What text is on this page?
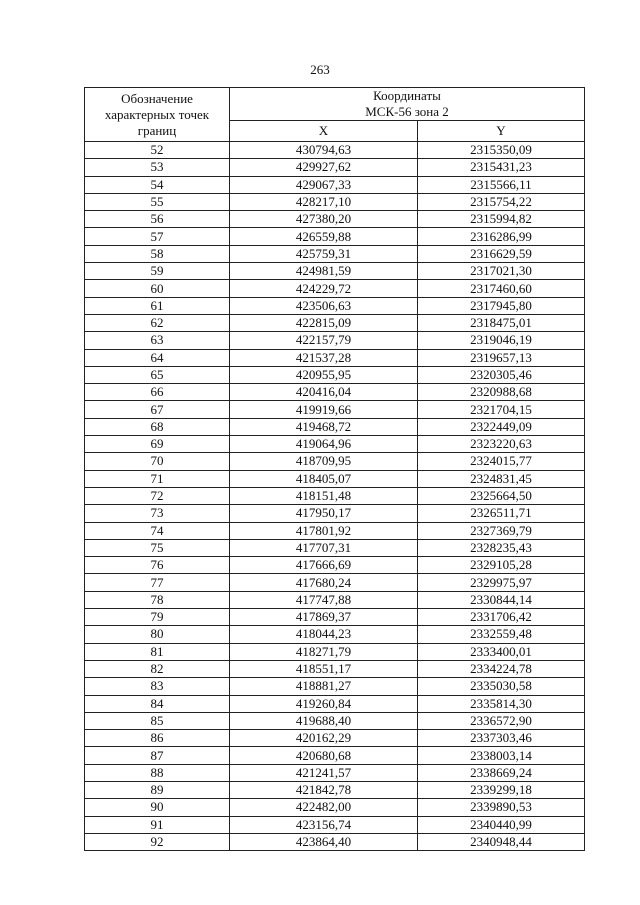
263
Обозначение характерных точек границ	Координаты
МСК-56 зона 2	

	X	Y
52	430794,63	2315350,09
53	429927,62	2315431,23
54	429067,33	2315566,11
55	428217,10	2315754,22
56	427380,20	2315994,82
57	426559,88	2316286,99
58	425759,31	2316629,59
59	424981,59	2317021,30
60	424229,72	2317460,60
61	423506,63	2317945,80
62	422815,09	2318475,01
63	422157,79	2319046,19
64	421537,28	2319657,13
65	420955,95	2320305,46
66	420416,04	2320988,68
67	419919,66	2321704,15
68	419468,72	2322449,09
69	419064,96	2323220,63
70	418709,95	2324015,77
71	418405,07	2324831,45
72	418151,48	2325664,50
73	417950,17	2326511,71
74	417801,92	2327369,79
75	417707,31	2328235,43
76	417666,69	2329105,28
77	417680,24	2329975,97
78	417747,88	2330844,14
79	417869,37	2331706,42
80	418044,23	2332559,48
81	418271,79	2333400,01
82	418551,17	2334224,78
83	418881,27	2335030,58
84	419260,84	2335814,30
85	419688,40	2336572,90
86	420162,29	2337303,46
87	420680,68	2338003,14
88	421241,57	2338669,24
89	421842,78	2339299,18
90	422482,00	2339890,53
91	423156,74	2340440,99
92	423864,40	2340948,44
